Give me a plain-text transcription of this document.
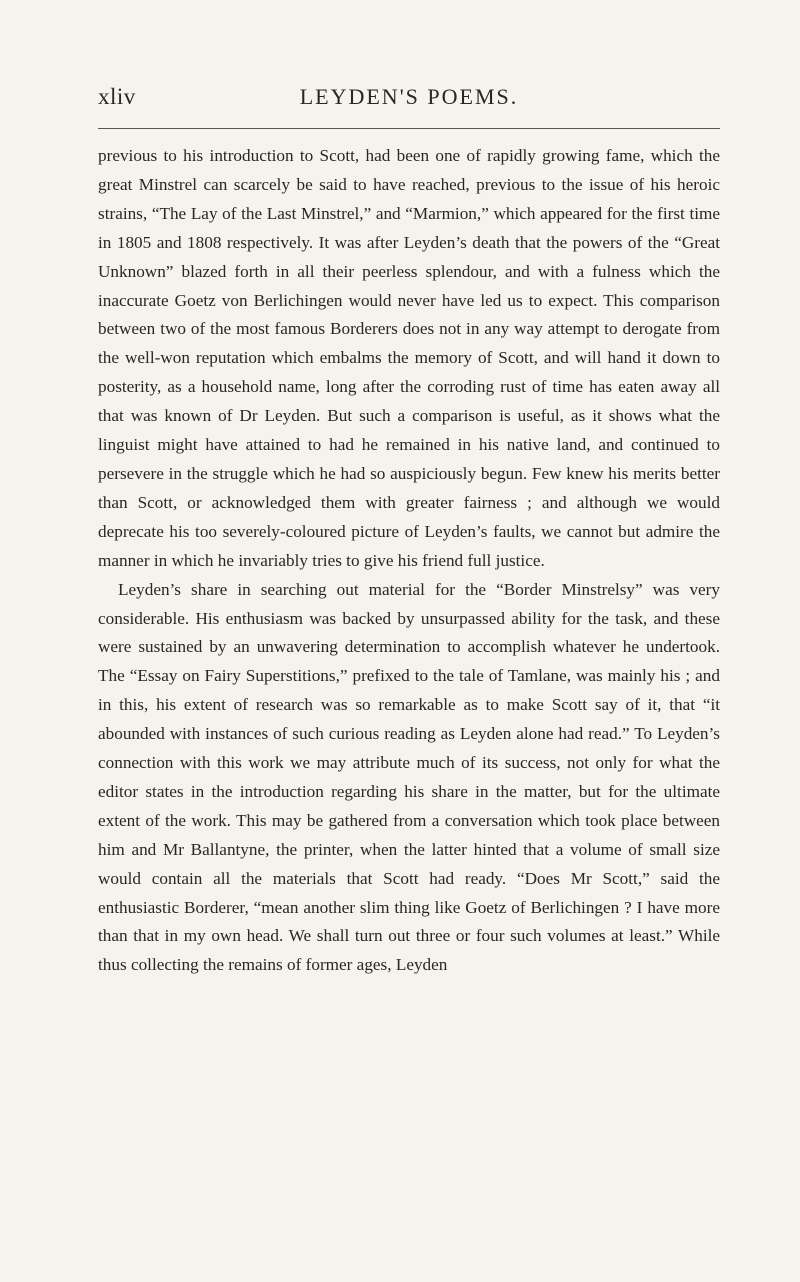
xliv	LEYDEN'S POEMS.

previous to his introduction to Scott, had been one of rapidly growing fame, which the great Minstrel can scarcely be said to have reached, previous to the issue of his heroic strains, “The Lay of the Last Minstrel,” and “Marmion,” which appeared for the first time in 1805 and 1808 respectively. It was after Leyden’s death that the powers of the “Great Unknown” blazed forth in all their peerless splendour, and with a fulness which the inaccurate Goetz von Berlichingen would never have led us to expect. This comparison between two of the most famous Borderers does not in any way attempt to derogate from the well-won reputation which embalms the memory of Scott, and will hand it down to posterity, as a household name, long after the corroding rust of time has eaten away all that was known of Dr Leyden. But such a comparison is useful, as it shows what the linguist might have attained to had he remained in his native land, and continued to persevere in the struggle which he had so auspiciously begun. Few knew his merits better than Scott, or acknowledged them with greater fairness ; and although we would deprecate his too severely-coloured picture of Leyden’s faults, we cannot but admire the manner in which he invariably tries to give his friend full justice.

Leyden’s share in searching out material for the “Border Minstrelsy” was very considerable. His enthusiasm was backed by unsurpassed ability for the task, and these were sustained by an unwavering determination to accomplish whatever he undertook. The “Essay on Fairy Superstitions,” prefixed to the tale of Tamlane, was mainly his ; and in this, his extent of research was so remarkable as to make Scott say of it, that “it abounded with instances of such curious reading as Leyden alone had read.” To Leyden’s connection with this work we may attribute much of its success, not only for what the editor states in the introduction regarding his share in the matter, but for the ultimate extent of the work. This may be gathered from a conversation which took place between him and Mr Ballantyne, the printer, when the latter hinted that a volume of small size would contain all the materials that Scott had ready. “Does Mr Scott,” said the enthusiastic Borderer, “mean another slim thing like Goetz of Berlichingen ? I have more than that in my own head. We shall turn out three or four such volumes at least.” While thus collecting the remains of former ages, Leyden
